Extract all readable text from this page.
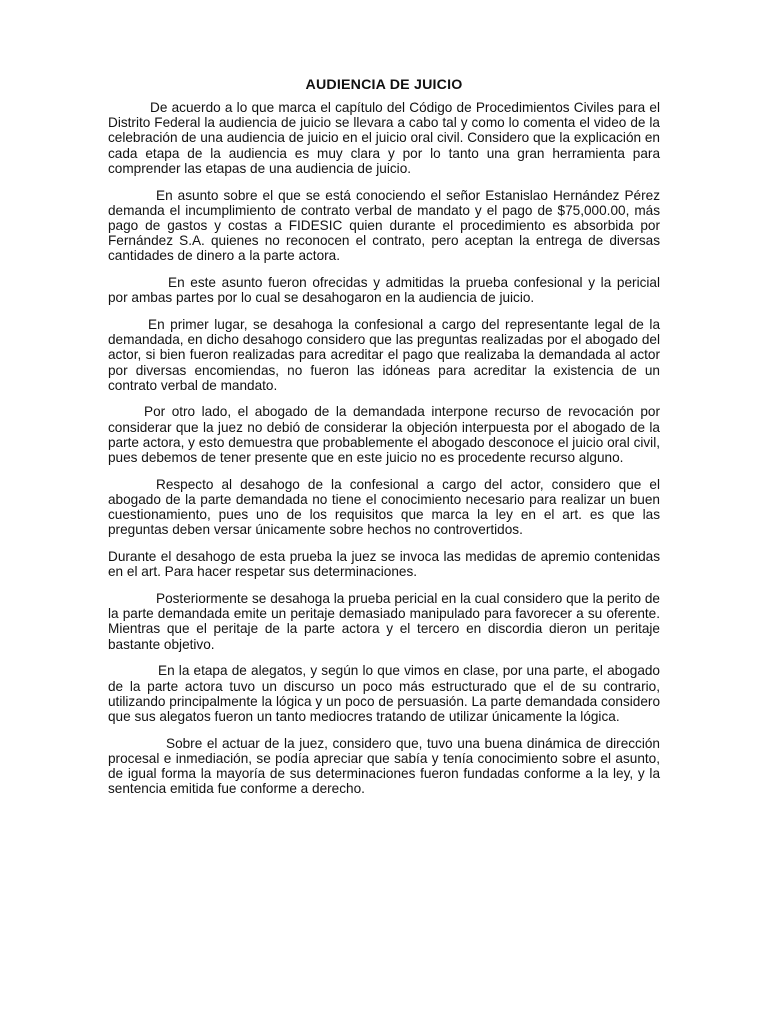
AUDIENCIA DE JUICIO

De acuerdo a lo que marca el capítulo del Código de Procedimientos Civiles para el Distrito Federal la audiencia de juicio se llevara a cabo tal y como lo comenta el video de la celebración de una audiencia de juicio en el juicio oral civil. Considero que la explicación en cada etapa de la audiencia es muy clara y por lo tanto una gran herramienta para comprender las etapas de una audiencia de juicio.

En asunto sobre el que se está conociendo el señor Estanislao Hernández Pérez demanda el incumplimiento de contrato verbal de mandato y el pago de $75,000.00, más pago de gastos y costas a FIDESIC quien durante el procedimiento es absorbida por Fernández S.A. quienes no reconocen el contrato, pero aceptan la entrega de diversas cantidades de dinero a la parte actora.

En este asunto fueron ofrecidas y admitidas la prueba confesional y la pericial por ambas partes por lo cual se desahogaron en la audiencia de juicio.

En primer lugar, se desahoga la confesional a cargo del representante legal de la demandada, en dicho desahogo considero que las preguntas realizadas por el abogado del actor, si bien fueron realizadas para acreditar el pago que realizaba la demandada al actor por diversas encomiendas, no fueron las idóneas para acreditar la existencia de un contrato verbal de mandato.

Por otro lado, el abogado de la demandada interpone recurso de revocación por considerar que la juez no debió de considerar la objeción interpuesta por el abogado de la parte actora, y esto demuestra que probablemente el abogado desconoce el juicio oral civil, pues debemos de tener presente que en este juicio no es procedente recurso alguno.

Respecto al desahogo de la confesional a cargo del actor, considero que el abogado de la parte demandada no tiene el conocimiento necesario para realizar un buen cuestionamiento, pues uno de los requisitos que marca la ley en el art. es que las preguntas deben versar únicamente sobre hechos no controvertidos.

Durante el desahogo de esta prueba la juez se invoca las medidas de apremio contenidas en el art. Para hacer respetar sus determinaciones.

Posteriormente se desahoga la prueba pericial en la cual considero que la perito de la parte demandada emite un peritaje demasiado manipulado para favorecer a su oferente. Mientras que el peritaje de la parte actora y el tercero en discordia dieron un peritaje bastante objetivo.

En la etapa de alegatos, y según lo que vimos en clase, por una parte, el abogado de la parte actora tuvo un discurso un poco más estructurado que el de su contrario, utilizando principalmente la lógica y un poco de persuasión. La parte demandada considero que sus alegatos fueron un tanto mediocres tratando de utilizar únicamente la lógica.

Sobre el actuar de la juez, considero que, tuvo una buena dinámica de dirección procesal e inmediación, se podía apreciar que sabía y tenía conocimiento sobre el asunto, de igual forma la mayoría de sus determinaciones fueron fundadas conforme a la ley, y la sentencia emitida fue conforme a derecho.
